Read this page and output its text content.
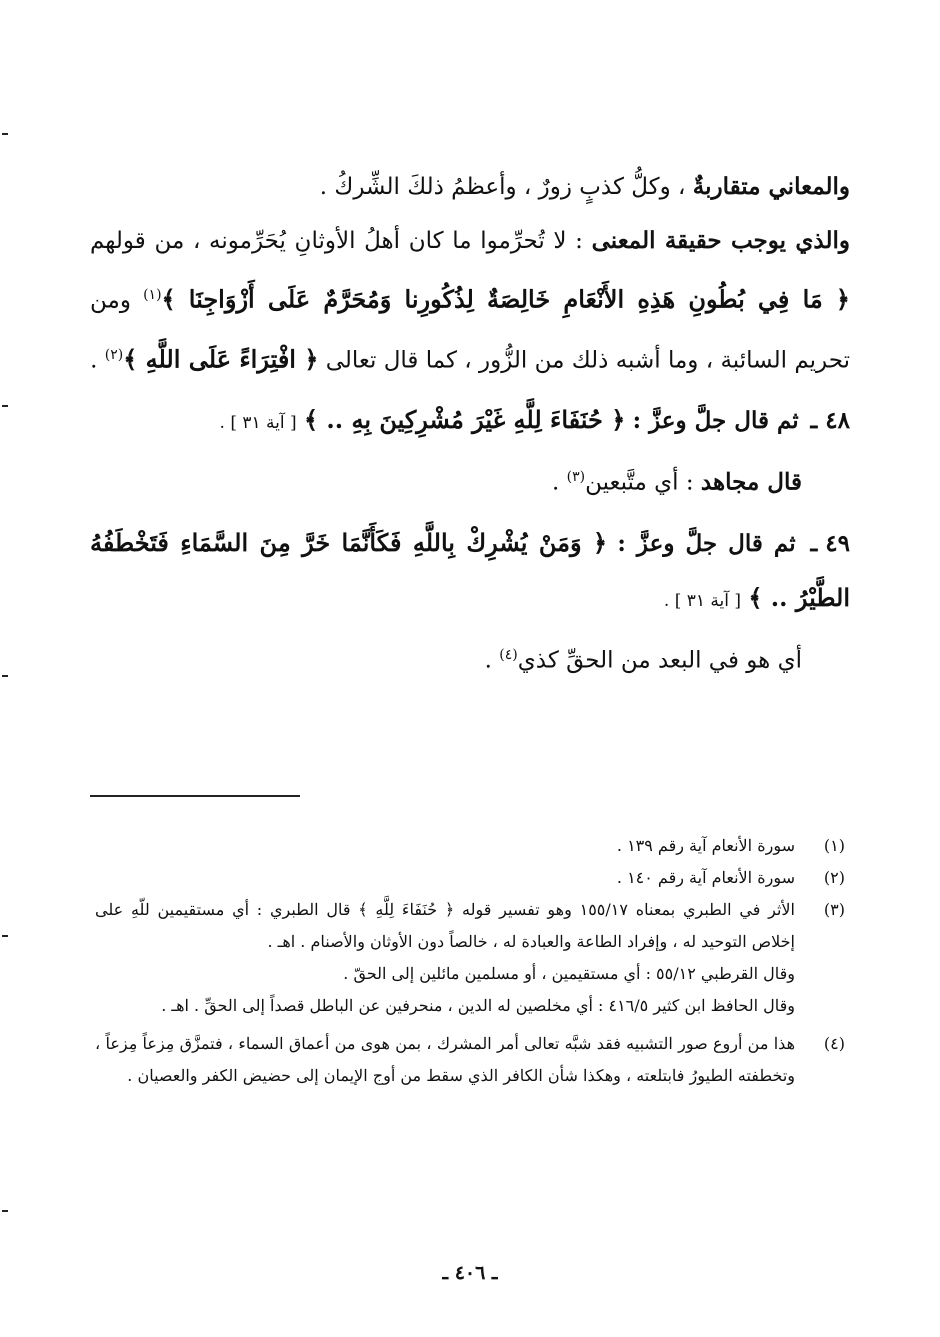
والمعاني متقاربةٌ ، وكلُّ كذبٍ زورٌ ، وأعظمُ ذلكَ الشِّركُ .

والذي يوجب حقيقة المعنى : لا تُحرِّموا ما كان أهلُ الأوثانِ يُحَرِّمونه ، من قولهم ﴿ مَا فِي بُطُونِ هَذِهِ الأَنْعَامِ خَالِصَةٌ لِذُكُورِنا وَمُحَرَّمٌ عَلَى أَزْوَاجِنَا ﴾$^{(١)}$ ومن تحريم السائبة ، وما أشبه ذلك من الزُّور ، كما قال تعالى ﴿ افْتِرَاءً عَلَى اللَّهِ ﴾$^{(٢)}$ .

٤٨ ـ ثم قال جلَّ وعزَّ : ﴿ حُنَفَاءَ لِلَّهِ غَيْرَ مُشْرِكِينَ بِهِ .. ﴾ [ آية ٣١ ] .

قال مجاهد : أي متَّبعين$^{(٣)}$ .

٤٩ ـ ثم قال جلَّ وعزَّ : ﴿ وَمَنْ يُشْرِكْ بِاللَّهِ فَكَأَنَّمَا خَرَّ مِنَ السَّمَاءِ فَتَخْطَفُهُ الطَّيْرُ .. ﴾ [ آية ٣١ ] .

أي هو في البعد من الحقِّ كذي$^{(٤)}$ .

(١)
سورة الأنعام آية رقم ١٣٩ .
(٢)
سورة الأنعام آية رقم ١٤٠ .
(٣)
الأثر في الطبري بمعناه ١٥٥/١٧ وهو تفسير قوله ﴿ حُنَفَاءَ لِلَّهِ ﴾ قال الطبري : أي مستقيمين للّهِ على إخلاص التوحيد له ، وإفراد الطاعة والعبادة له ، خالصاً دون الأوثان والأصنام . اهـ .
وقال القرطبي ٥٥/١٢ : أي مستقيمين ، أو مسلمين مائلين إلى الحقّ .
وقال الحافظ ابن كثير ٤١٦/٥ : أي مخلصين له الدين ، منحرفين عن الباطل قصداً إلى الحقِّ . اهـ .
(٤)
هذا من أروع صور التشبيه فقد شبَّه تعالى أمر المشرك ، بمن هوى من أعماق السماء ، فتمزَّق مِزعاً مِزعاً ، وتخطفته الطيورُ فابتلعته ، وهكذا شأن الكافر الذي سقط من أوج الإيمان إلى حضيض الكفر والعصيان .
ـ ٤٠٦ ـ
